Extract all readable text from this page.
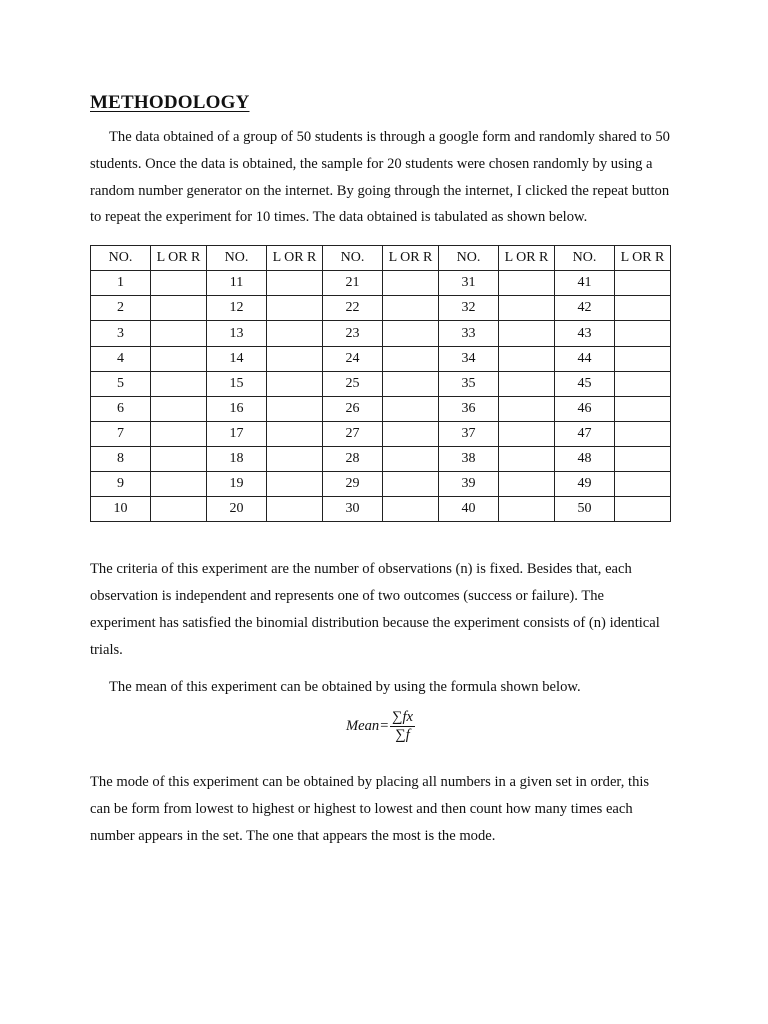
METHODOLOGY

The data obtained of a group of 50 students is through a google form and randomly shared to 50 students. Once the data is obtained, the sample for 20 students were chosen randomly by using a random number generator on the internet. By going through the internet, I clicked the repeat button to repeat the experiment for 10 times. The data obtained is tabulated as shown below.

NO.	L OR R	NO.	L OR R	NO.	L OR R	NO.	L OR R	NO.	L OR R
1		11		21		31		41	
2		12		22		32		42	
3		13		23		33		43	
4		14		24		34		44	
5		15		25		35		45	
6		16		26		36		46	
7		17		27		37		47	
8		18		28		38		48	
9		19		29		39		49	
10		20		30		40		50	

The criteria of this experiment are the number of observations (n) is fixed. Besides that, each observation is independent and represents one of two outcomes (success or failure). The experiment has satisfied the binomial distribution because the experiment consists of (n) identical trials.

The mean of this experiment can be obtained by using the formula shown below.

Mean= $\frac{\sum fx}{\sum f}$

The mode of this experiment can be obtained by placing all numbers in a given set in order, this can be form from lowest to highest or highest to lowest and then count how many times each number appears in the set. The one that appears the most is the mode.
